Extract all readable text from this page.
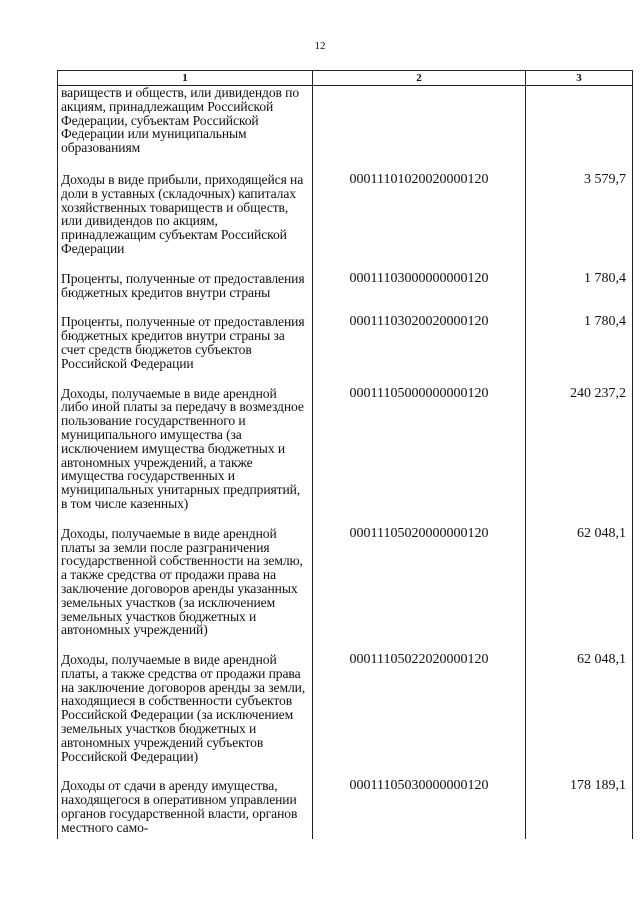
12
1	2	3

вариществ и обществ, или дивидендов по акциям, принадлежащим Российской Федерации, субъектам Российской Федерации или муниципальным образованиям		

Доходы в виде прибыли, приходящейся на доли в уставных (складочных) капиталах хозяйственных товариществ и обществ, или дивидендов по акциям, принадлежащим субъектам Российской Федерации	00011101020020000120	3 579,7

Проценты, полученные от предоставления бюджетных кредитов внутри страны	00011103000000000120	1 780,4

Проценты, полученные от предоставления бюджетных кредитов внутри страны за счет средств бюджетов субъектов Российской Федерации	00011103020020000120	1 780,4

Доходы, получаемые в виде арендной либо иной платы за передачу в возмездное пользование государственного и муниципального имущества (за исключением имущества бюджетных и автономных учреждений, а также имущества государственных и муниципальных унитарных предприятий, в том числе казенных)	00011105000000000120	240 237,2

Доходы, получаемые в виде арендной платы за земли после разграничения государственной собственности на землю, а также средства от продажи права на заключение договоров аренды указанных земельных участков (за исключением земельных участков бюджетных и автономных учреждений)	00011105020000000120	62 048,1

Доходы, получаемые в виде арендной платы, а также средства от продажи права на заключение договоров аренды за земли, находящиеся в собственности субъектов Российской Федерации (за исключением земельных участков бюджетных и автономных учреждений субъектов Российской Федерации)	00011105022020000120	62 048,1

Доходы от сдачи в аренду имущества, находящегося в оперативном управлении органов государственной власти, органов местного само-	00011105030000000120	178 189,1
